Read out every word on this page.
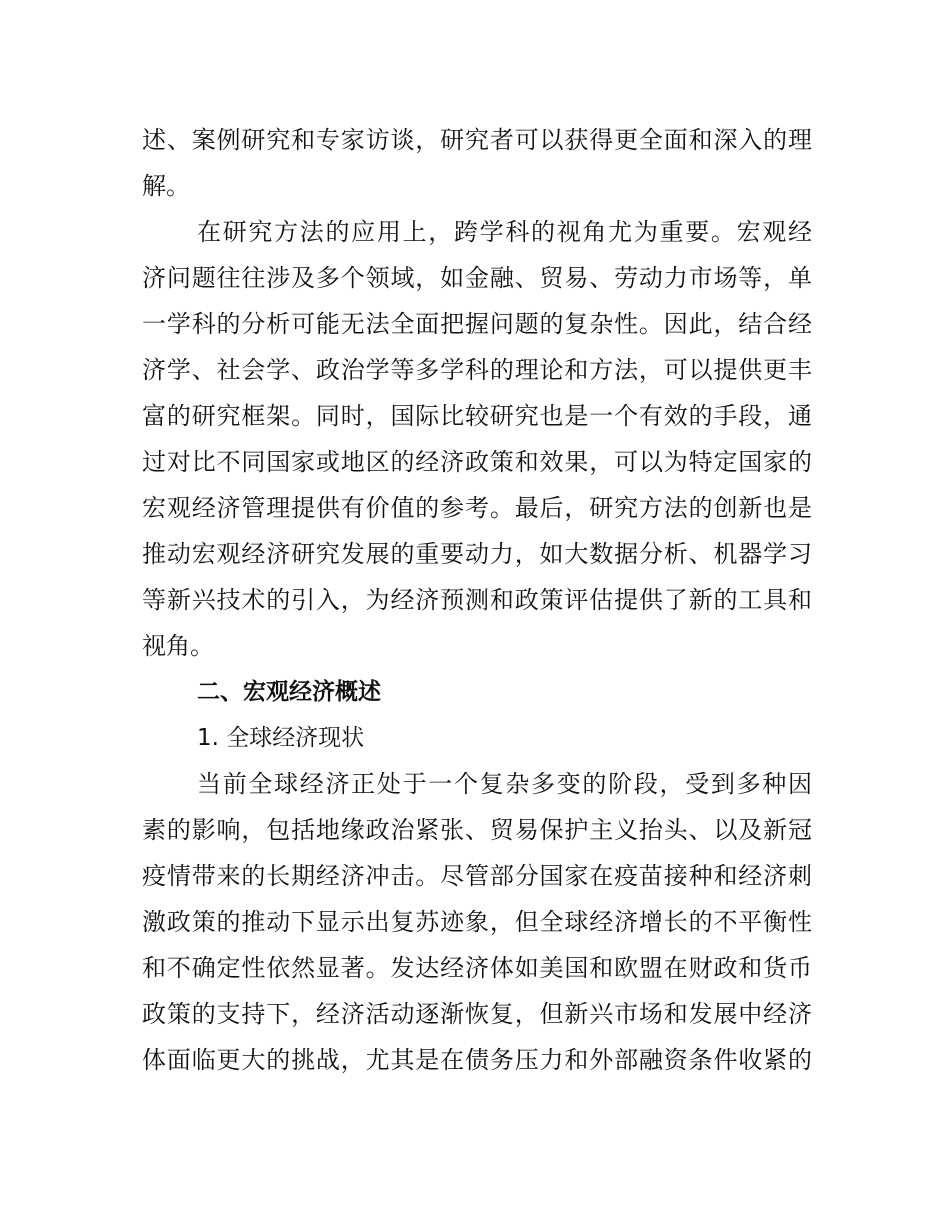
述、案例研究和专家访谈，研究者可以获得更全面和深入的理
解。
在研究方法的应用上，跨学科的视角尤为重要。宏观经
济问题往往涉及多个领域，如金融、贸易、劳动力市场等，单
一学科的分析可能无法全面把握问题的复杂性。因此，结合经
济学、社会学、政治学等多学科的理论和方法，可以提供更丰
富的研究框架。同时，国际比较研究也是一个有效的手段，通
过对比不同国家或地区的经济政策和效果，可以为特定国家的
宏观经济管理提供有价值的参考。最后，研究方法的创新也是
推动宏观经济研究发展的重要动力，如大数据分析、机器学习
等新兴技术的引入，为经济预测和政策评估提供了新的工具和
视角。
二、宏观经济概述
1. 全球经济现状
当前全球经济正处于一个复杂多变的阶段，受到多种因
素的影响，包括地缘政治紧张、贸易保护主义抬头、以及新冠
疫情带来的长期经济冲击。尽管部分国家在疫苗接种和经济刺
激政策的推动下显示出复苏迹象，但全球经济增长的不平衡性
和不确定性依然显著。发达经济体如美国和欧盟在财政和货币
政策的支持下，经济活动逐渐恢复，但新兴市场和发展中经济
体面临更大的挑战，尤其是在债务压力和外部融资条件收紧的
